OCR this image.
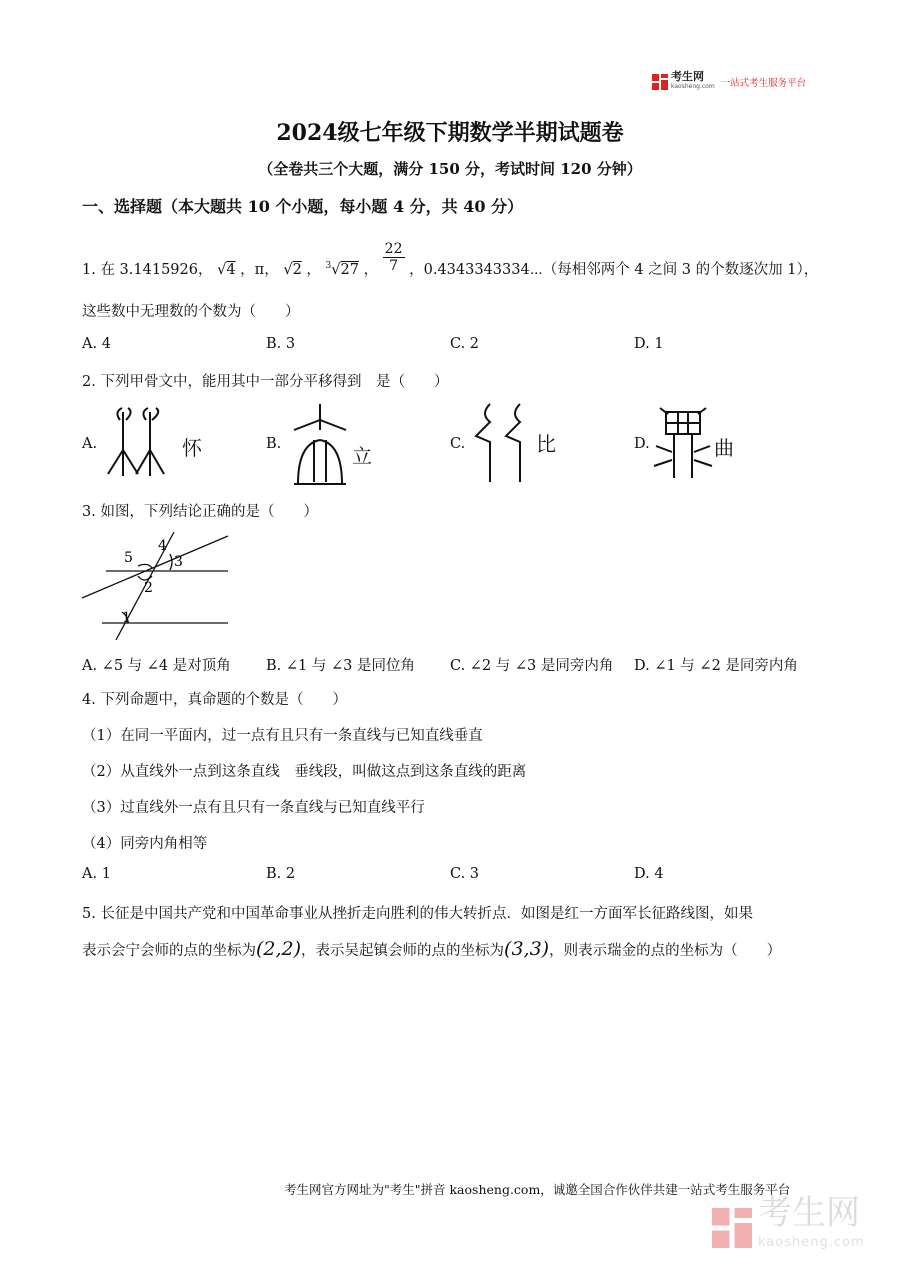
考生网
kaosheng.com 一站式考生服务平台
2024级七年级下期数学半期试题卷
（全卷共三个大题，满分 150 分，考试时间 120 分钟）
一、选择题（本大题共 10 个小题，每小题 4 分，共 40 分）
1. 在 3.1415926， √4 ，π， √2 ， $^3$√27 ， $\frac{22}{7}$ ，0.4343343334⋯（每相邻两个 4 之间 3 的个数逐次加 1），
这些数中无理数的个数为（　　）
A. 4	B. 3	C. 2	D. 1
2. 下列甲骨文中，能用其中一部分平移得到　是（　　）
A.	怀	B.	立	C.	比	D.	曲
3. 如图，下列结论正确的是（　　）
5
4
3
2
1
A. ∠5 与 ∠4 是对顶角 B. ∠1 与 ∠3 是同位角 C. ∠2 与 ∠3 是同旁内角 D. ∠1 与 ∠2 是同旁内角
4. 下列命题中，真命题的个数是（　　）
（1）在同一平面内，过一点有且只有一条直线与已知直线垂直
（2）从直线外一点到这条直线　垂线段，叫做这点到这条直线的距离
（3）过直线外一点有且只有一条直线与已知直线平行
（4）同旁内角相等
A. 1	B. 2	C. 3	D. 4
5. 长征是中国共产党和中国革命事业从挫折走向胜利的伟大转折点．如图是红一方面军长征路线图，如果
表示会宁会师的点的坐标为(2,2)，表示吴起镇会师的点的坐标为(3,3)，则表示瑞金的点的坐标为（　　）
考生网官方网址为"考生"拼音 kaosheng.com，诚邀全国合作伙伴共建一站式考生服务平台
考生网
kaosheng.com
